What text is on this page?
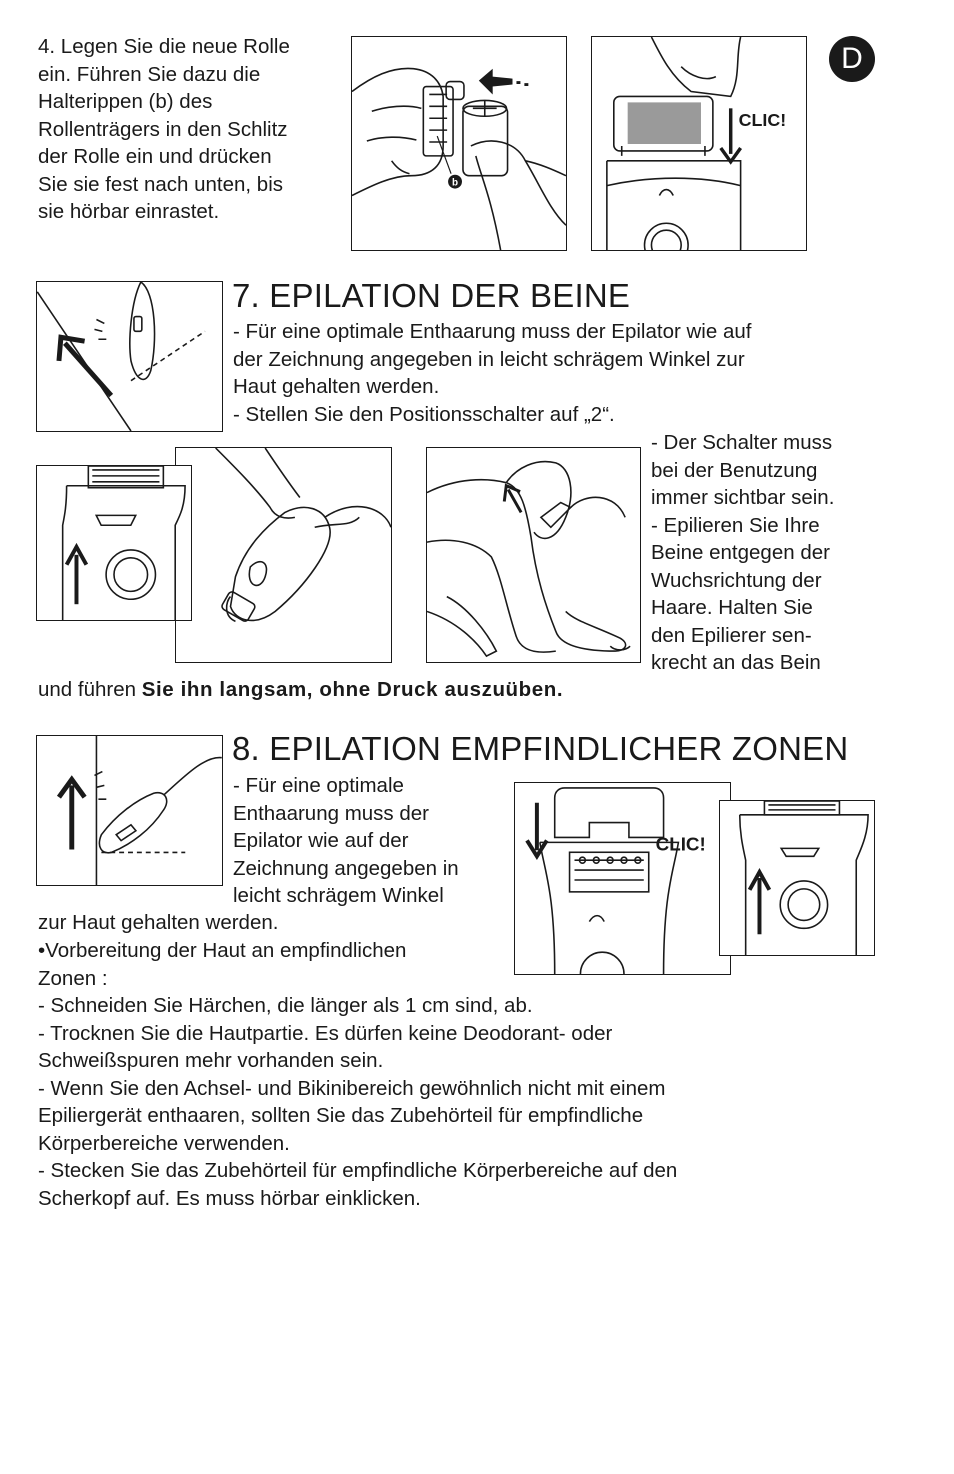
D
4. Legen Sie die neue Rolle
ein. Führen Sie dazu die
Halterippen (b) des
Rollenträgers in den Schlitz
der Rolle ein und drücken
Sie sie fest nach unten, bis
sie hörbar einrastet.
b
CLIC!
7. EPILATION DER BEINE
- Für eine optimale Enthaarung muss der Epilator wie auf
der Zeichnung angegeben in leicht schrägem Winkel zur
Haut gehalten werden.
- Stellen Sie den Positionsschalter auf „2“.
- Der Schalter muss
bei der Benutzung
immer sichtbar sein.
- Epilieren Sie Ihre
Beine entgegen der
Wuchsrichtung der
Haare. Halten Sie
den Epilierer sen-
krecht an das Bein
und führen Sie ihn langsam, ohne Druck auszuüben.
8. EPILATION EMPFINDLICHER ZONEN
- Für eine optimale
Enthaarung muss der
Epilator wie auf der
Zeichnung angegeben in
leicht schrägem Winkel
CLIC!
zur Haut gehalten werden.
•Vorbereitung der Haut an empfindlichen
Zonen :
- Schneiden Sie Härchen, die länger als 1 cm sind, ab.
- Trocknen Sie die Hautpartie. Es dürfen keine Deodorant- oder
Schweißspuren mehr vorhanden sein.
- Wenn Sie den Achsel- und Bikinibereich gewöhnlich nicht mit einem
Epiliergerät enthaaren, sollten Sie das Zubehörteil für empfindliche
Körperbereiche verwenden.
- Stecken Sie das Zubehörteil für empfindliche Körperbereiche auf den
Scherkopf auf. Es muss hörbar einklicken.
